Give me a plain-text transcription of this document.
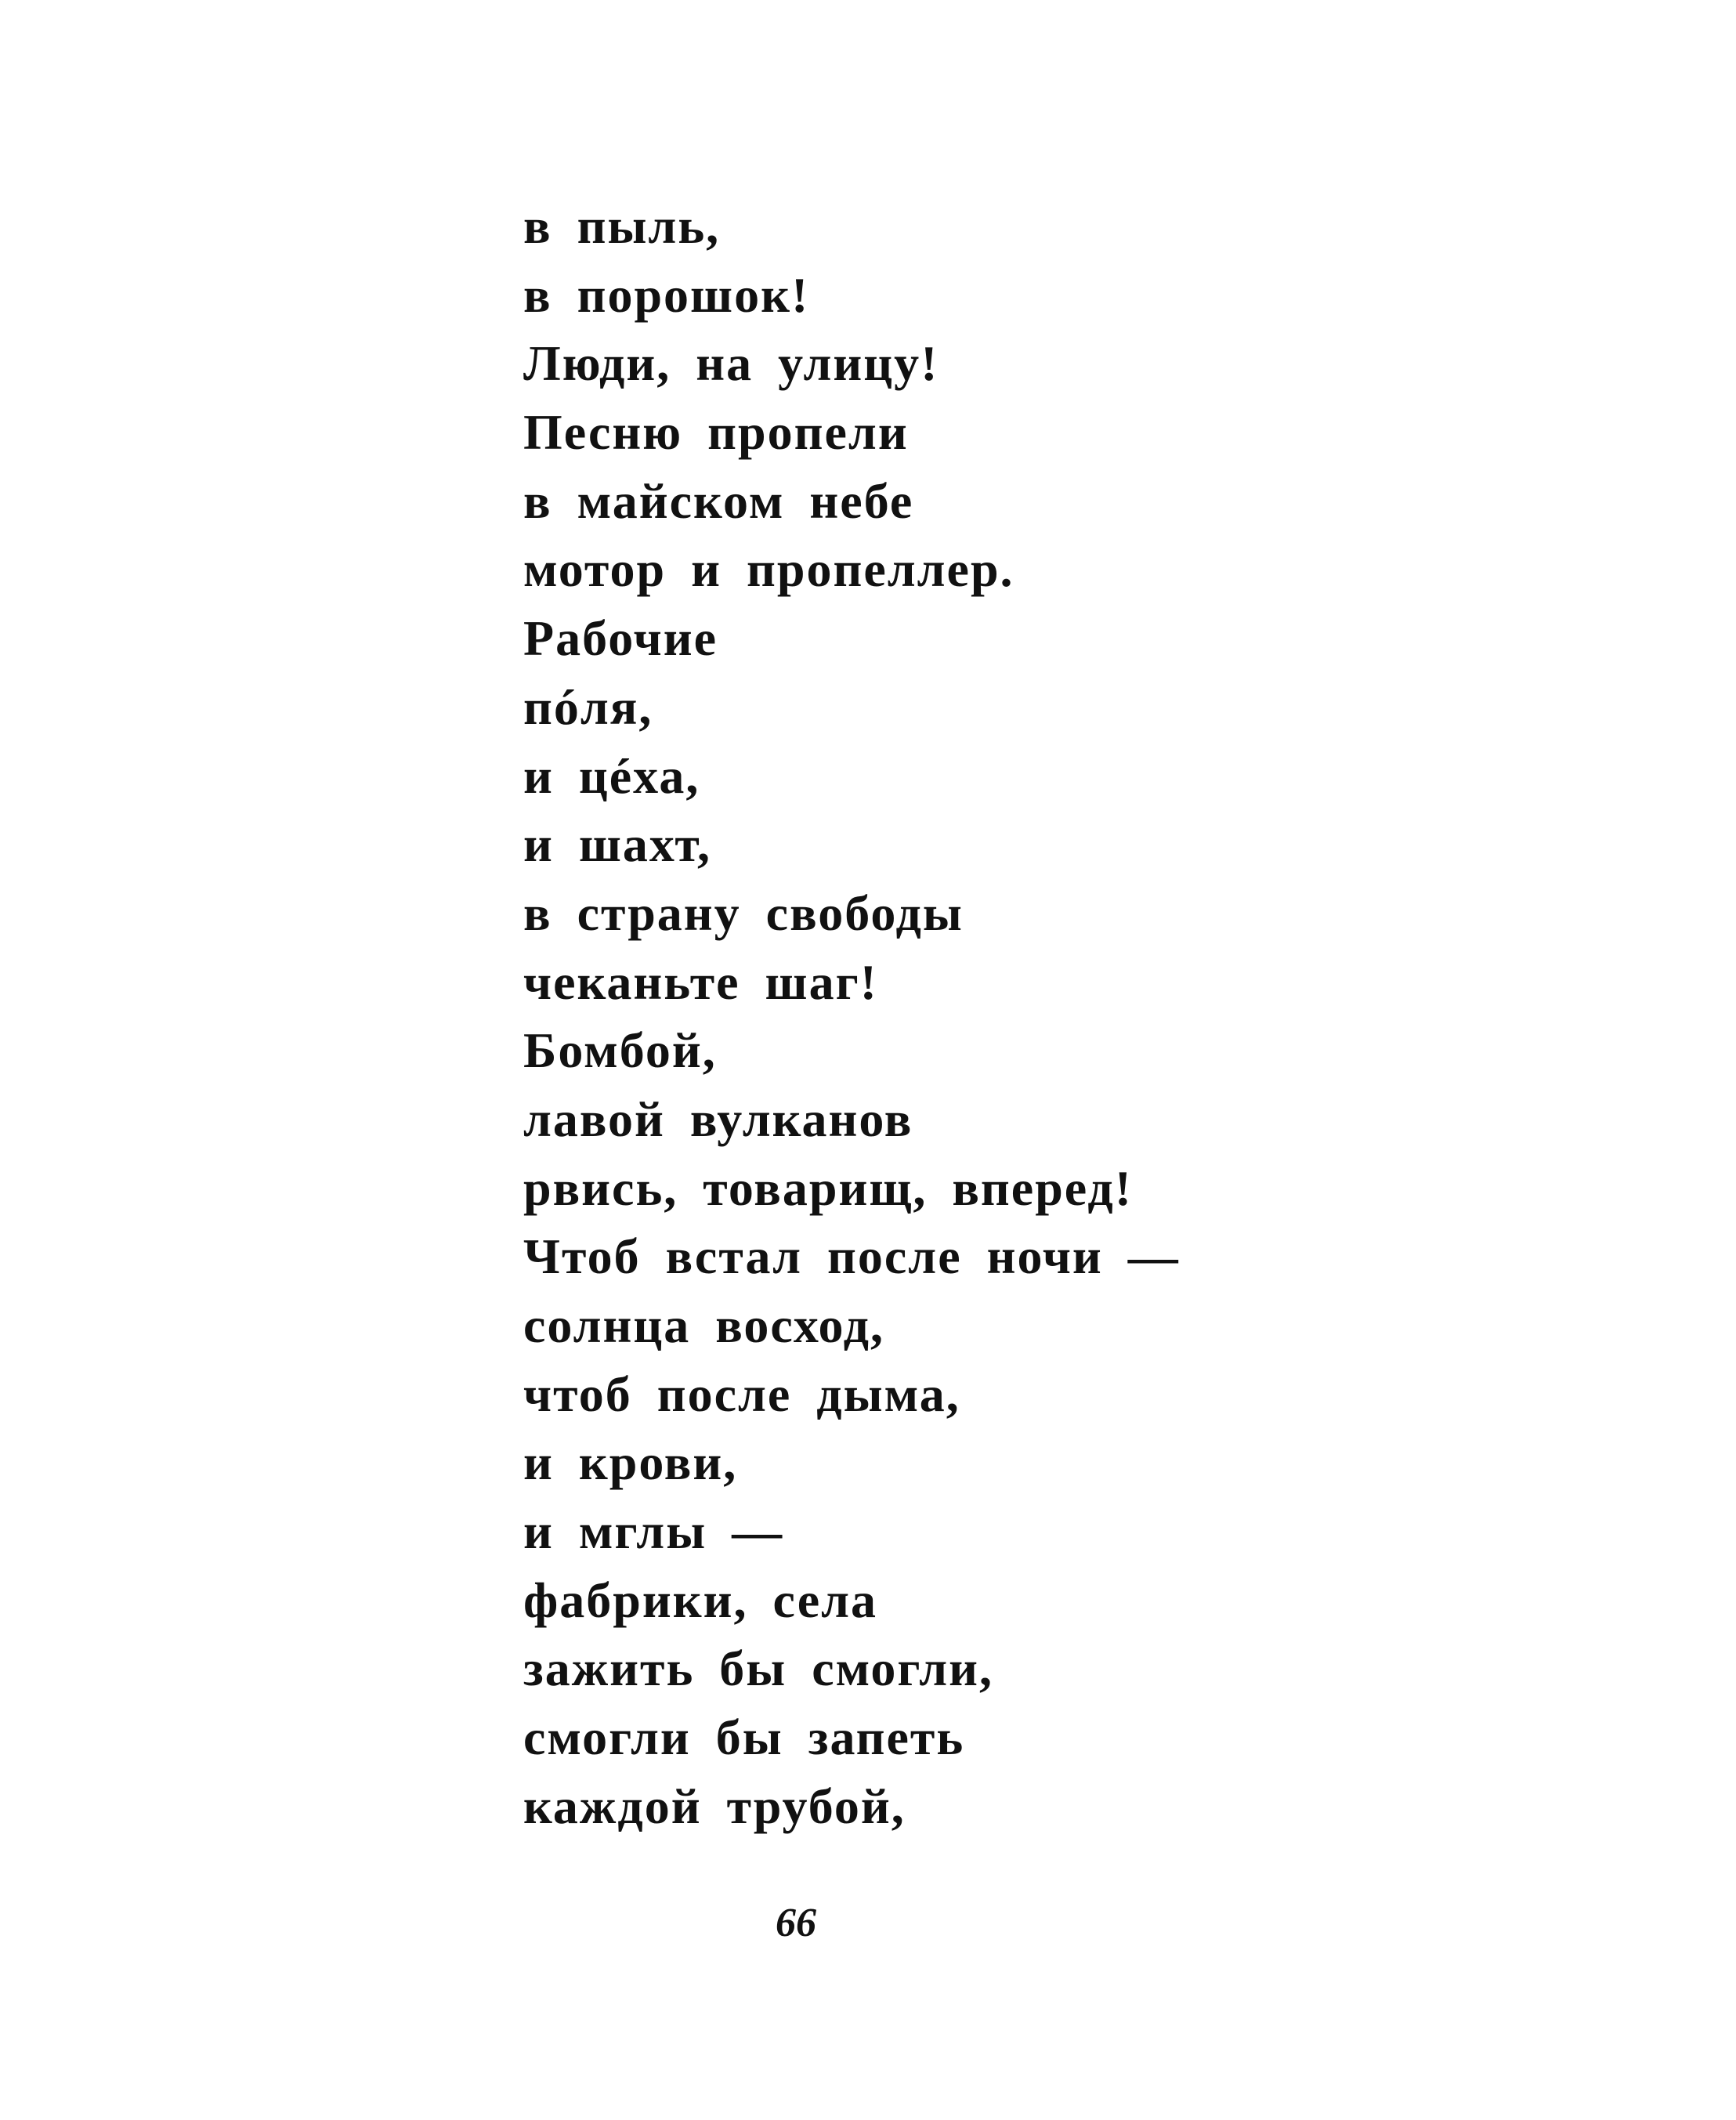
в пыль,
в порошок!
Люди, на улицу!
Песню пропели
в майском небе
мотор и пропеллер.
Рабочие
пóля,
и цéха,
и шахт,
в страну свободы
чеканьте шаг!
Бомбой,
лавой вулканов
рвись, товарищ, вперед!
Чтоб встал после ночи —
солнца восход,
чтоб после дыма,
и крови,
и мглы —
фабрики, села
зажить бы смогли,
смогли бы запеть
каждой трубой,
66
